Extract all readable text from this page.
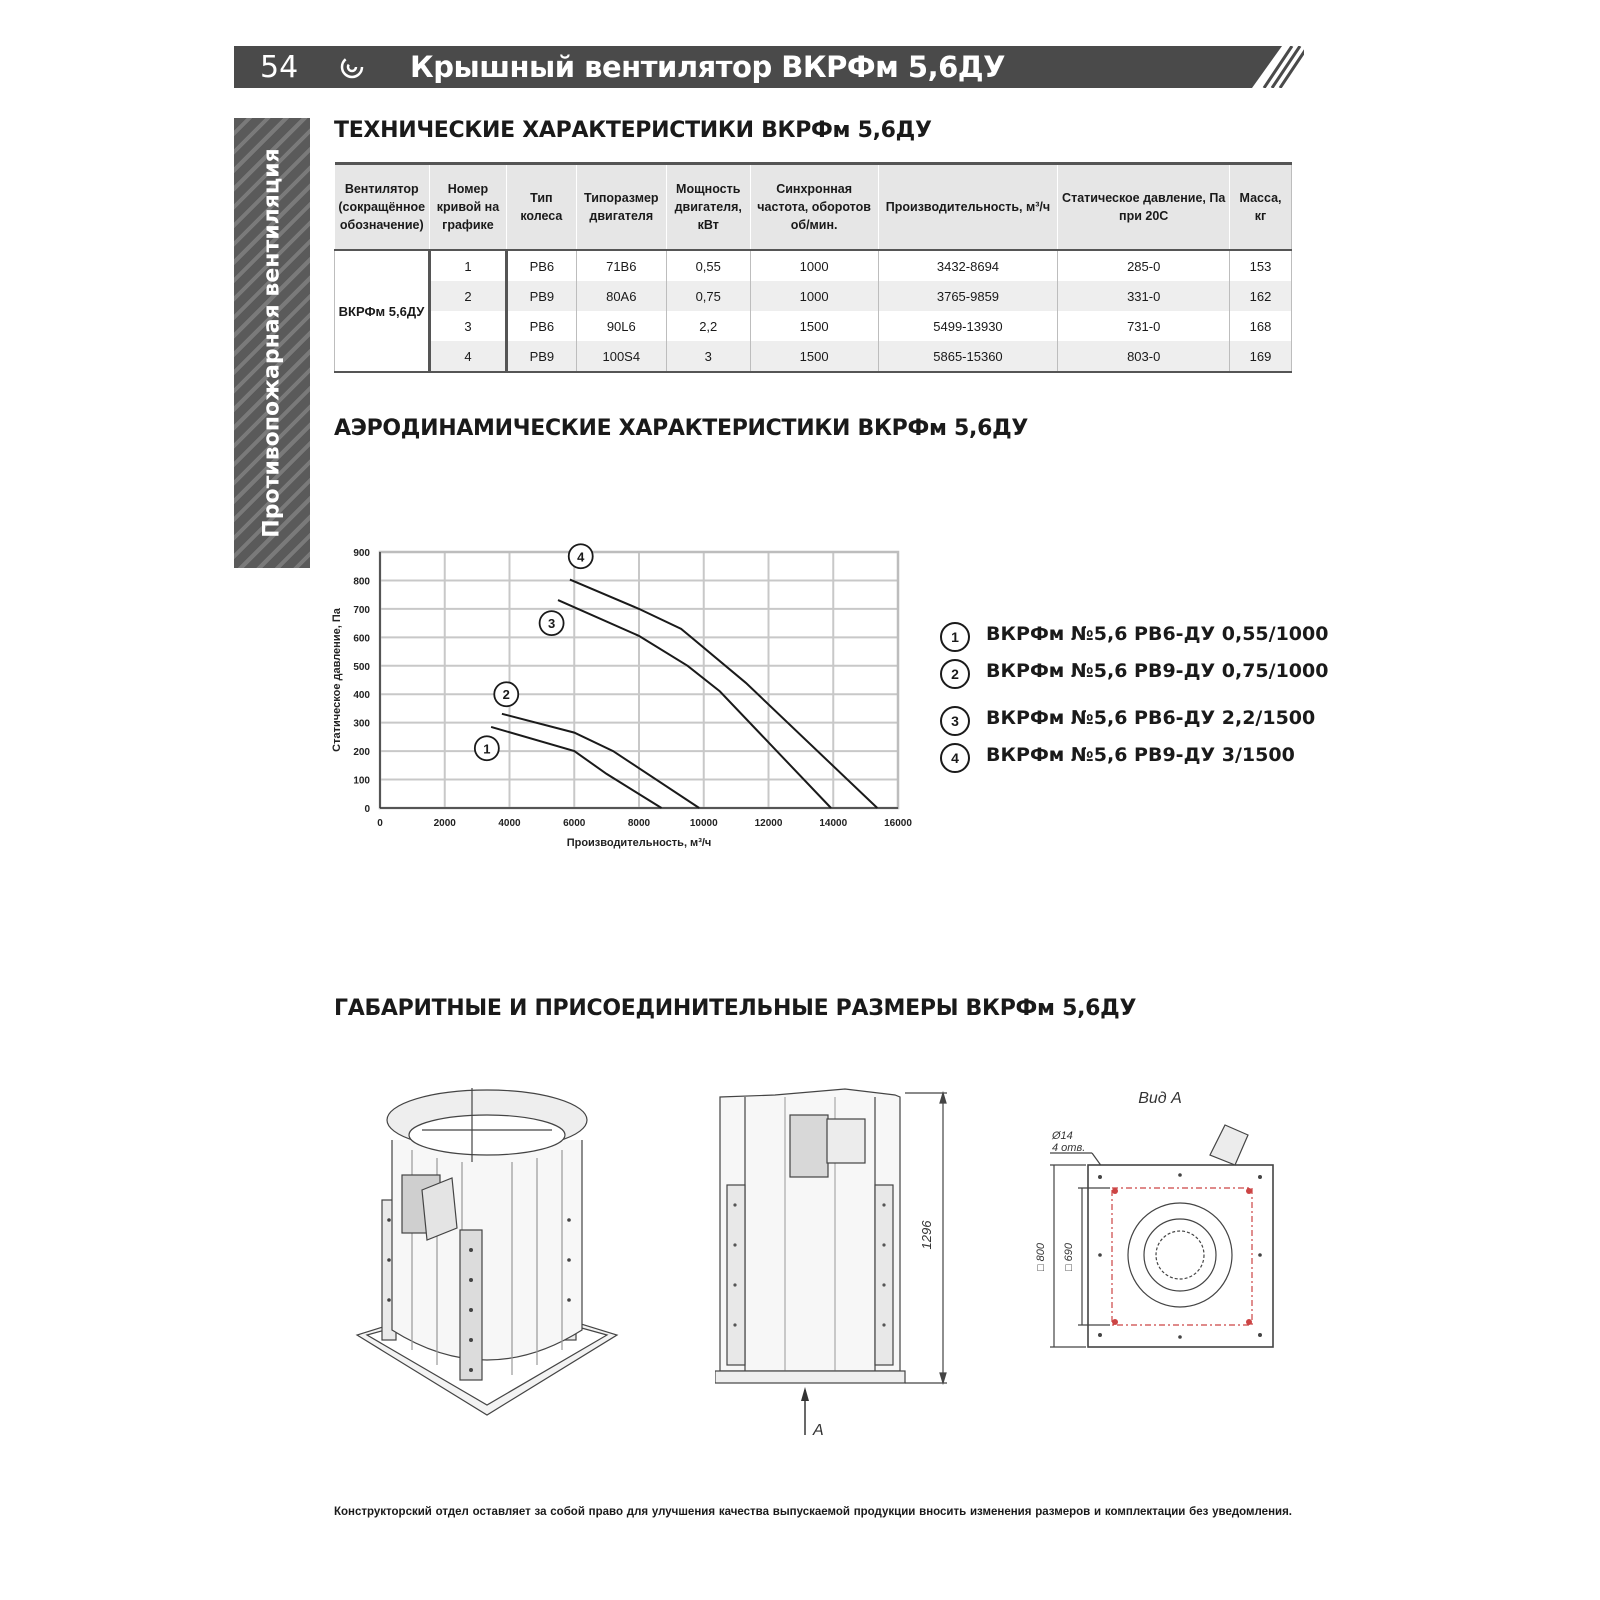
54	Крышный вентилятор ВКРФм 5,6ДУ
Противопожарная вентиляция
ТЕХНИЧЕСКИЕ ХАРАКТЕРИСТИКИ ВКРФм 5,6ДУ
Вентилятор (сокращённое обозначение)	Номер кривой на графике	Тип колеса	Типоразмер двигателя	Мощность двигателя, кВт	Синхронная частота, оборотов об/мин.	Производительность, м³/ч	Статическое давление, Па при 20С	Масса, кг
ВКРФм 5,6ДУ	1	РВ6	71В6	0,55	1000	3432-8694	285-0	153
	2	РВ9	80А6	0,75	1000	3765-9859	331-0	162
	3	РВ6	90L6	2,2	1500	5499-13930	731-0	168
	4	РВ9	100S4	3	1500	5865-15360	803-0	169
АЭРОДИНАМИЧЕСКИЕ ХАРАКТЕРИСТИКИ ВКРФм 5,6ДУ
0	2000	4000	6000	8000	10000	12000	14000	16000
0
100
200
300
400
500
600
700
800
900
1
2
3
4
Производительность, м³/ч
Статическое давление, Па	1	ВКРФм №5,6 РВ6-ДУ 0,55/1000
2	ВКРФм №5,6 РВ9-ДУ 0,75/1000
3	ВКРФм №5,6 РВ6-ДУ 2,2/1500
4	ВКРФм №5,6 РВ9-ДУ 3/1500
ГАБАРИТНЫЕ И ПРИСОЕДИНИТЕЛЬНЫЕ РАЗМЕРЫ ВКРФм 5,6ДУ
1296
А
Вид А
Ø14
4 отв.
□ 800 □ 690
Конструкторский отдел оставляет за собой право для улучшения качества выпускаемой продукции вносить изменения размеров и комплектации без уведомления.
